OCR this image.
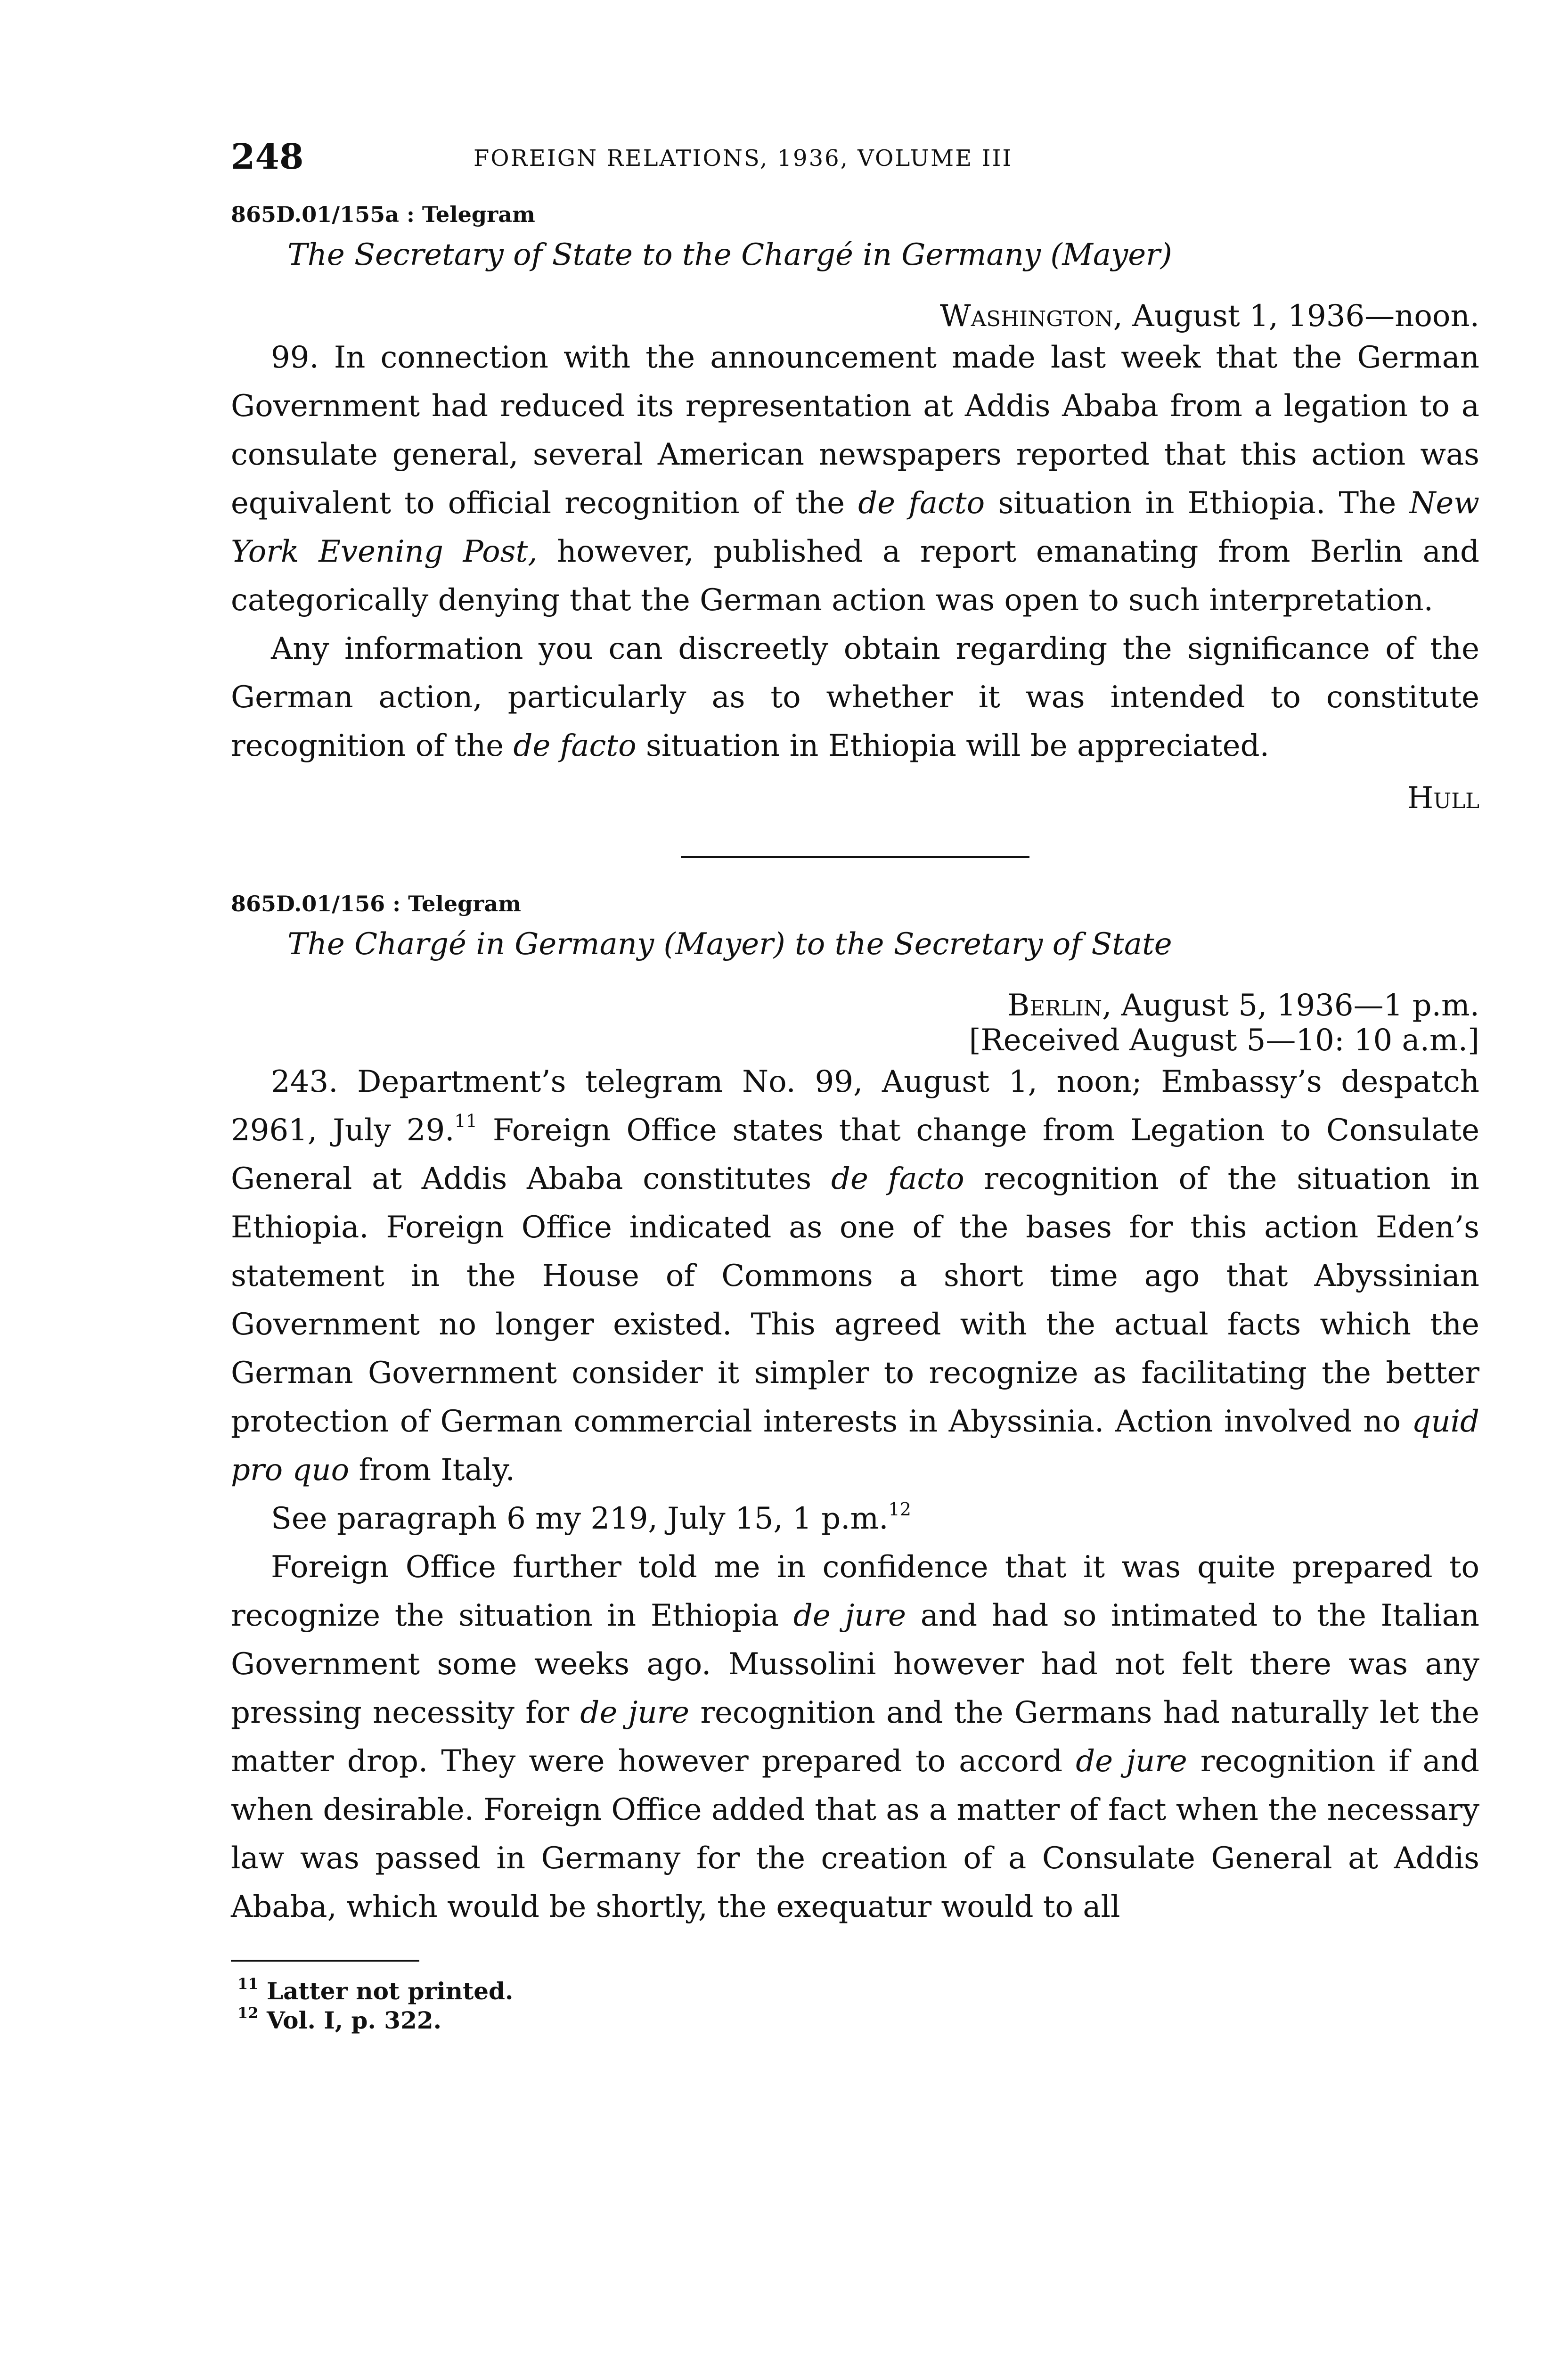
248	FOREIGN RELATIONS, 1936, VOLUME III
865D.01/155a : Telegram
The Secretary of State to the Chargé in Germany (Mayer)
Washington, August 1, 1936—noon.

99. In connection with the announcement made last week that the German Government had reduced its representation at Addis Ababa from a legation to a consulate general, several American newspapers reported that this action was equivalent to official recognition of the de facto situation in Ethiopia. The New York Evening Post, however, published a report emanating from Berlin and categorically denying that the German action was open to such interpretation.

Any information you can discreetly obtain regarding the significance of the German action, particularly as to whether it was intended to constitute recognition of the de facto situation in Ethiopia will be appreciated.

Hull
865D.01/156 : Telegram
The Chargé in Germany (Mayer) to the Secretary of State
Berlin, August 5, 1936—1 p.m.
[Received August 5—10: 10 a.m.]

243. Department’s telegram No. 99, August 1, noon; Embassy’s despatch 2961, July 29.11 Foreign Office states that change from Legation to Consulate General at Addis Ababa constitutes de facto recognition of the situation in Ethiopia. Foreign Office indicated as one of the bases for this action Eden’s statement in the House of Commons a short time ago that Abyssinian Government no longer existed. This agreed with the actual facts which the German Government consider it simpler to recognize as facilitating the better protection of German commercial interests in Abyssinia. Action involved no quid pro quo from Italy.

See paragraph 6 my 219, July 15, 1 p.m.$^{12}$

Foreign Office further told me in confidence that it was quite prepared to recognize the situation in Ethiopia de jure and had so intimated to the Italian Government some weeks ago. Mussolini however had not felt there was any pressing necessity for de jure recognition and the Germans had naturally let the matter drop. They were however prepared to accord de jure recognition if and when desirable. Foreign Office added that as a matter of fact when the necessary law was passed in Germany for the creation of a Consulate General at Addis Ababa, which would be shortly, the exequatur would to all

$^{11}$ Latter not printed.
$^{12}$ Vol. I, p. 322.
